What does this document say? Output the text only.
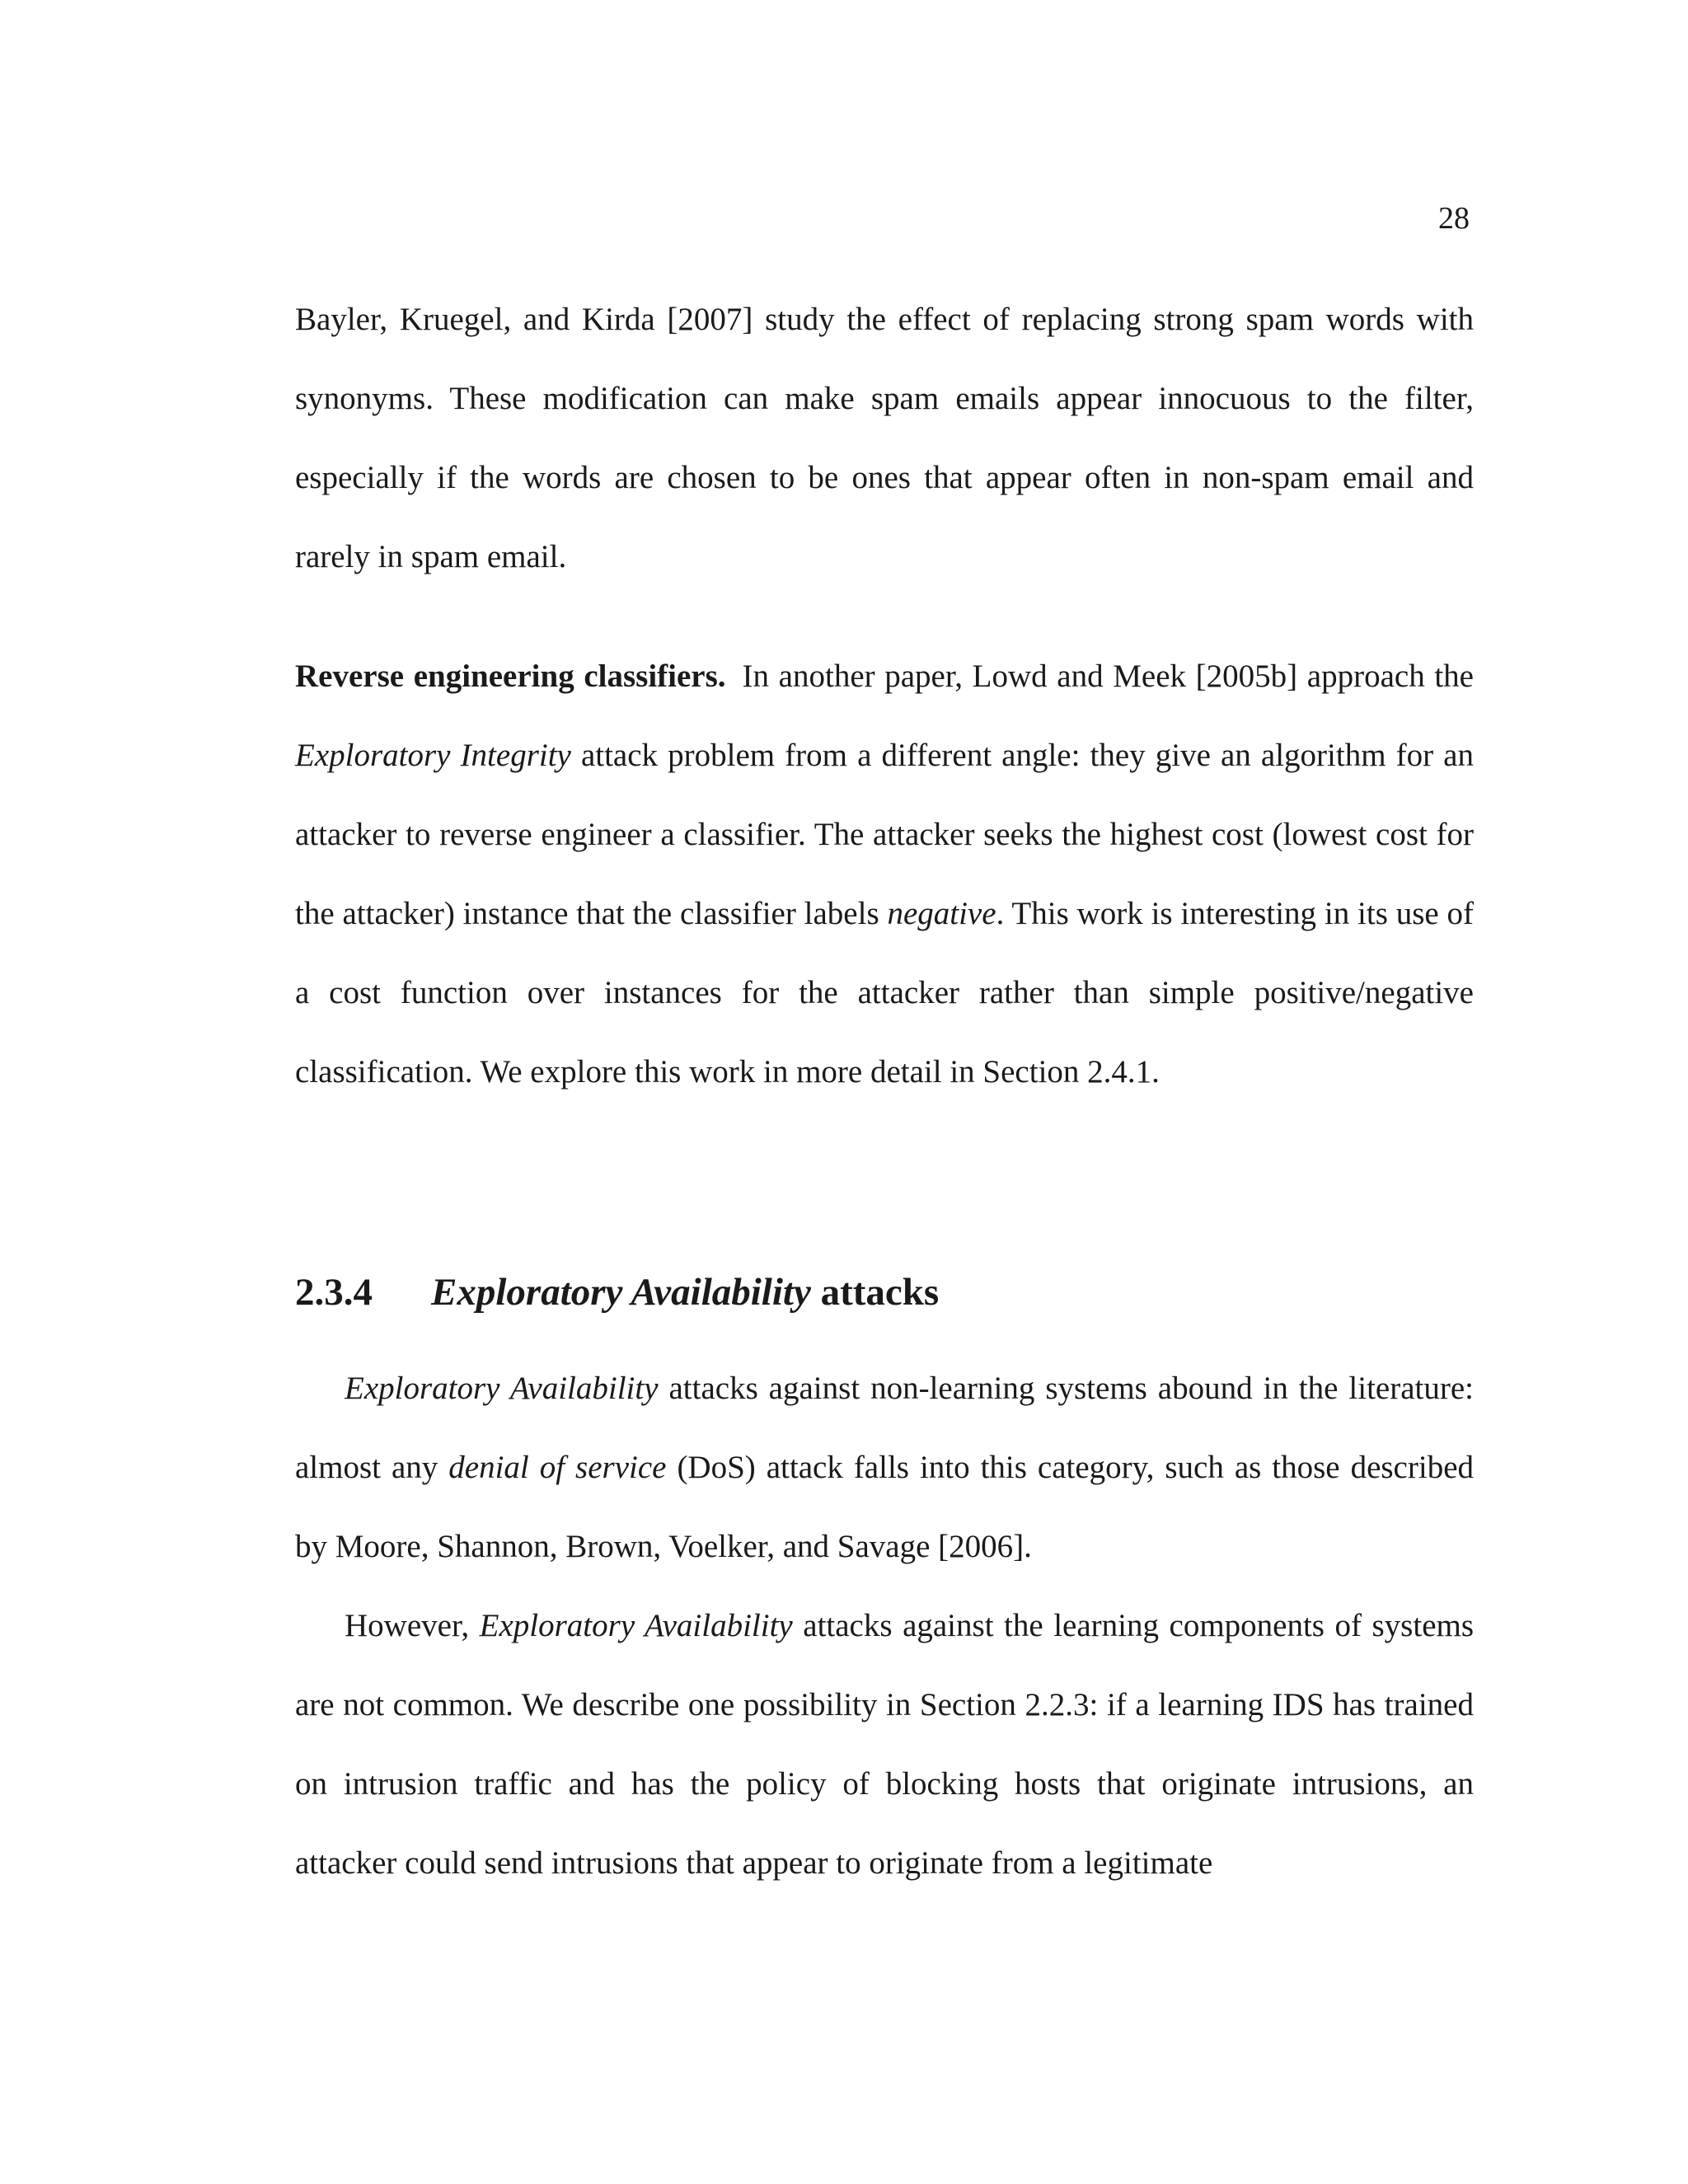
28

Bayler, Kruegel, and Kirda [2007] study the effect of replacing strong spam words with synonyms. These modification can make spam emails appear innocuous to the filter, especially if the words are chosen to be ones that appear often in non-spam email and rarely in spam email.

Reverse engineering classifiers. In another paper, Lowd and Meek [2005b] approach the Exploratory Integrity attack problem from a different angle: they give an algorithm for an attacker to reverse engineer a classifier. The attacker seeks the highest cost (lowest cost for the attacker) instance that the classifier labels negative. This work is interesting in its use of a cost function over instances for the attacker rather than simple positive/negative classification. We explore this work in more detail in Section 2.4.1.

2.3.4 Exploratory Availability attacks

Exploratory Availability attacks against non-learning systems abound in the literature: almost any denial of service (DoS) attack falls into this category, such as those described by Moore, Shannon, Brown, Voelker, and Savage [2006].

However, Exploratory Availability attacks against the learning components of systems are not common. We describe one possibility in Section 2.2.3: if a learning IDS has trained on intrusion traffic and has the policy of blocking hosts that originate intrusions, an attacker could send intrusions that appear to originate from a legitimate
